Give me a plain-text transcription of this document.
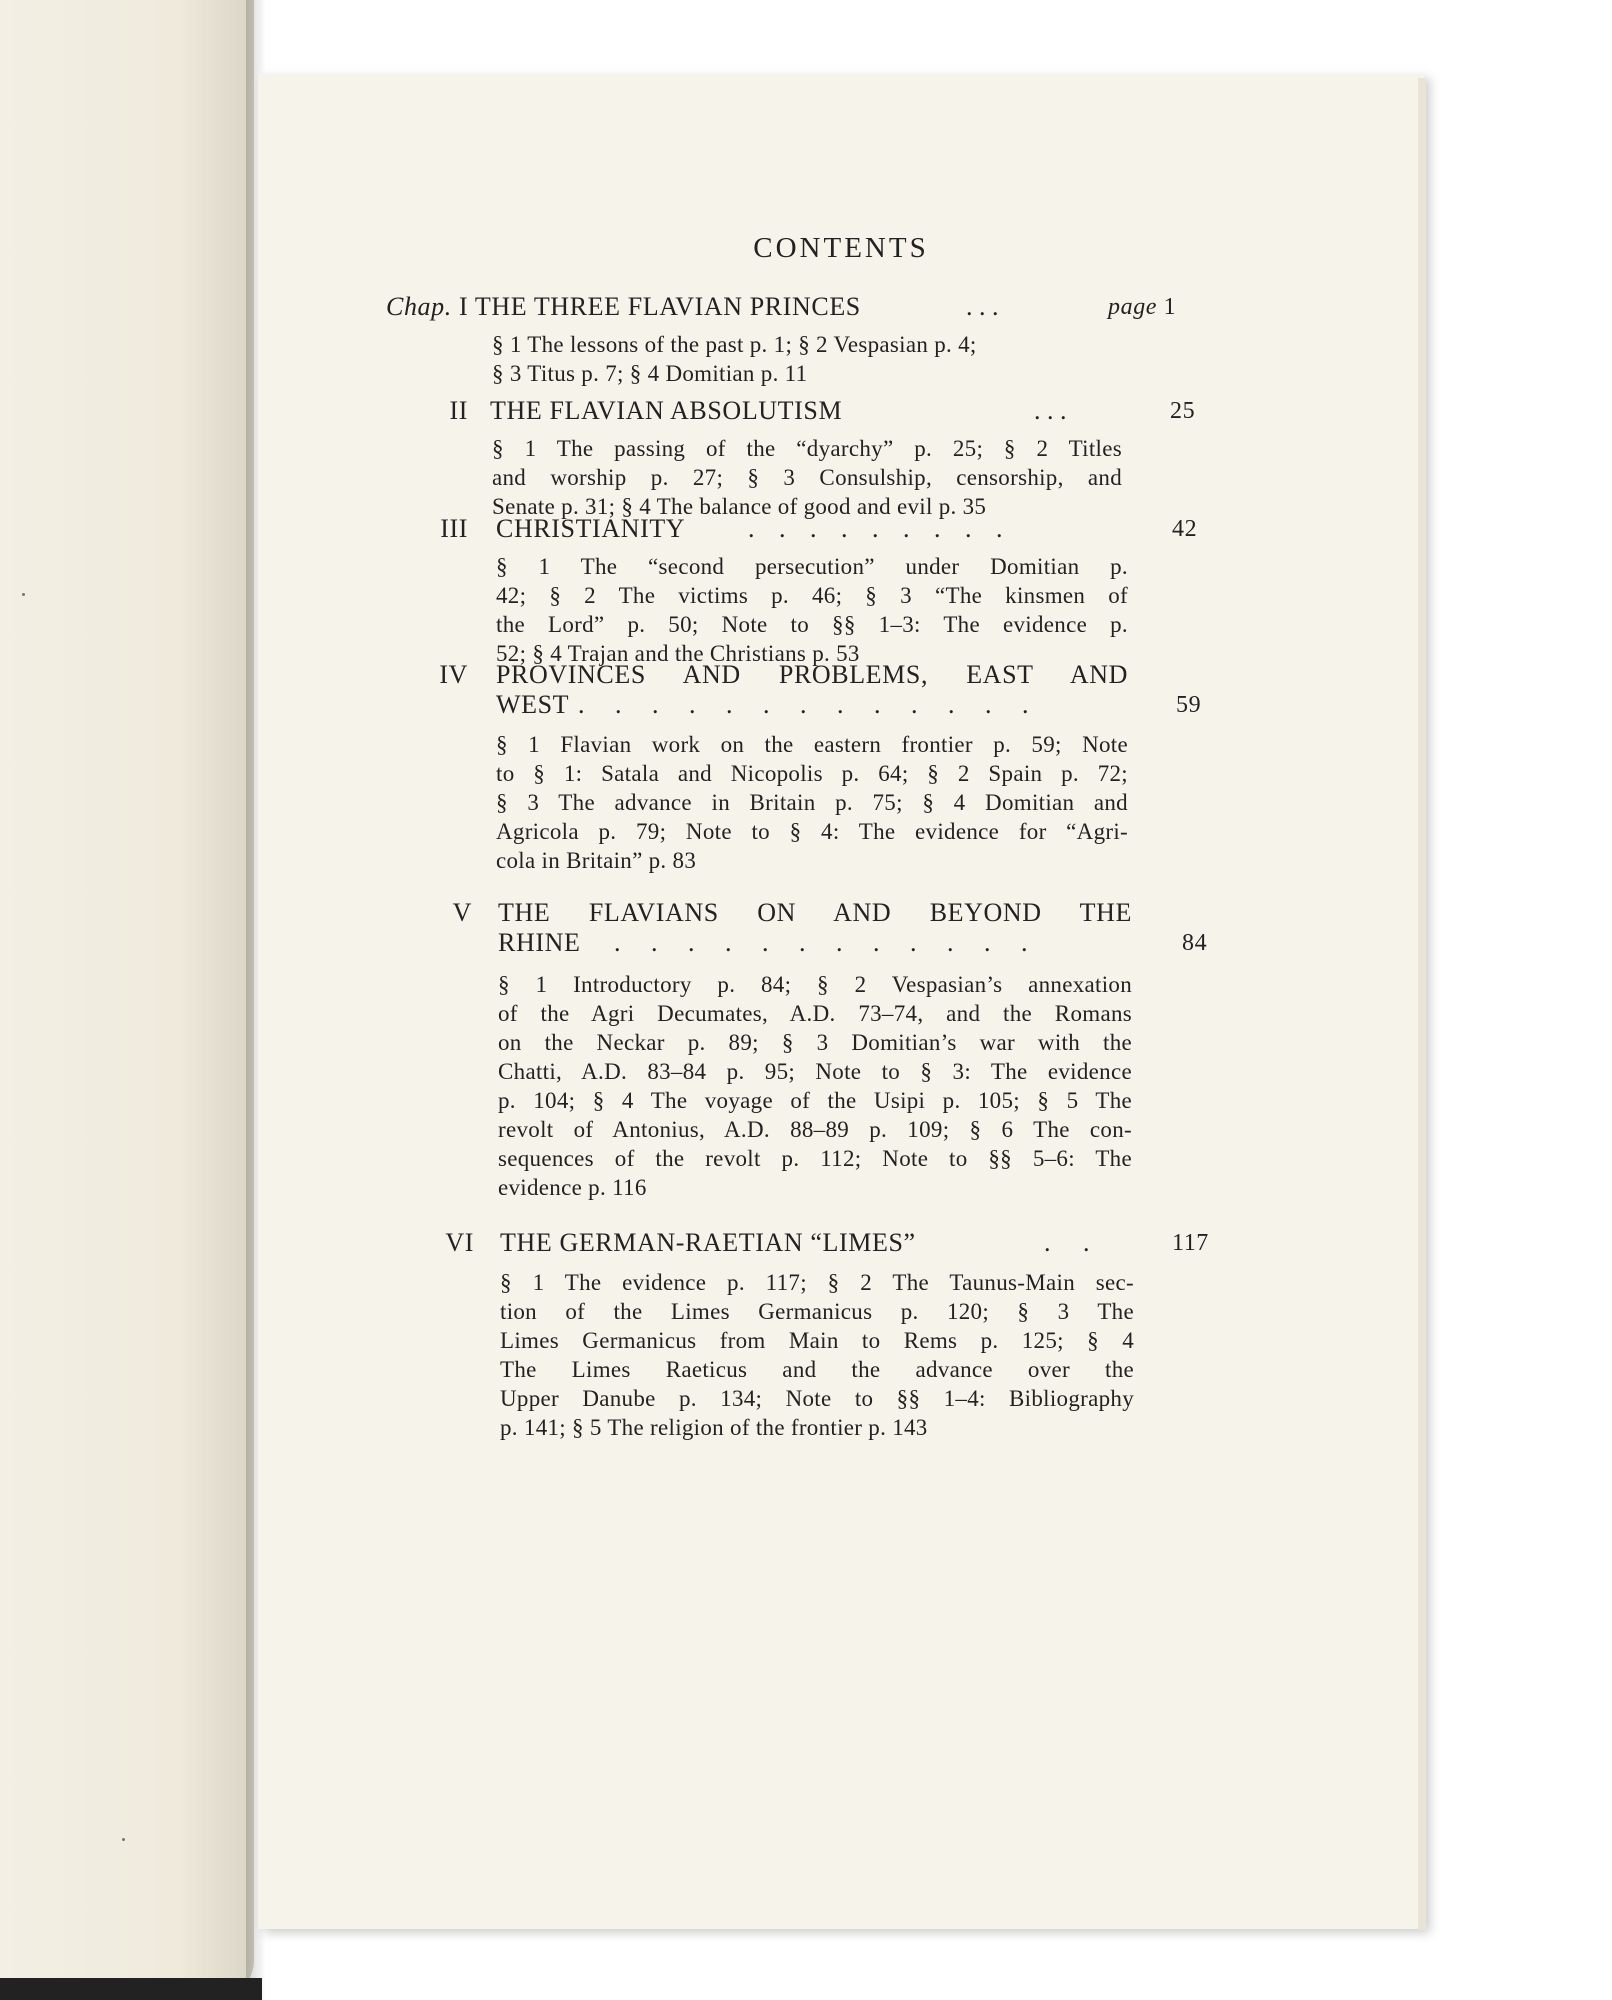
CONTENTS
Chap. I THE THREE FLAVIAN PRINCES	. . .	page 1
§ 1 The lessons of the past p. 1; § 2 Vespasian p. 4;
§ 3 Titus p. 7; § 4 Domitian p. 11
II THE FLAVIAN ABSOLUTISM	. . .	25
§ 1 The passing of the “dyarchy” p. 25; § 2 Titles
and worship p. 27; § 3 Consulship, censorship, and
Senate p. 31; § 4 The balance of good and evil p. 35
III CHRISTIANITY . . . . . . . . .	42
§ 1 The “second persecution” under Domitian p.
42; § 2 The victims p. 46; § 3 “The kinsmen of
the Lord” p. 50; Note to §§ 1–3: The evidence p.
52; § 4 Trajan and the Christians p. 53
IV PROVINCES AND PROBLEMS, EAST AND
WEST . . . . . . . . . . . . .	59
§ 1 Flavian work on the eastern frontier p. 59; Note
to § 1: Satala and Nicopolis p. 64; § 2 Spain p. 72;
§ 3 The advance in Britain p. 75; § 4 Domitian and
Agricola p. 79; Note to § 4: The evidence for “Agri-
cola in Britain” p. 83
V THE FLAVIANS ON AND BEYOND THE
RHINE . . . . . . . . . . . .	84
§ 1 Introductory p. 84; § 2 Vespasian’s annexation
of the Agri Decumates, A.D. 73–74, and the Romans
on the Neckar p. 89; § 3 Domitian’s war with the
Chatti, A.D. 83–84 p. 95; Note to § 3: The evidence
p. 104; § 4 The voyage of the Usipi p. 105; § 5 The
revolt of Antonius, A.D. 88–89 p. 109; § 6 The con-
sequences of the revolt p. 112; Note to §§ 5–6: The
evidence p. 116
VI THE GERMAN-RAETIAN “LIMES”	. .	117
§ 1 The evidence p. 117; § 2 The Taunus-Main sec-
tion of the Limes Germanicus p. 120; § 3 The
Limes Germanicus from Main to Rems p. 125; § 4
The Limes Raeticus and the advance over the
Upper Danube p. 134; Note to §§ 1–4: Bibliography
p. 141; § 5 The religion of the frontier p. 143
